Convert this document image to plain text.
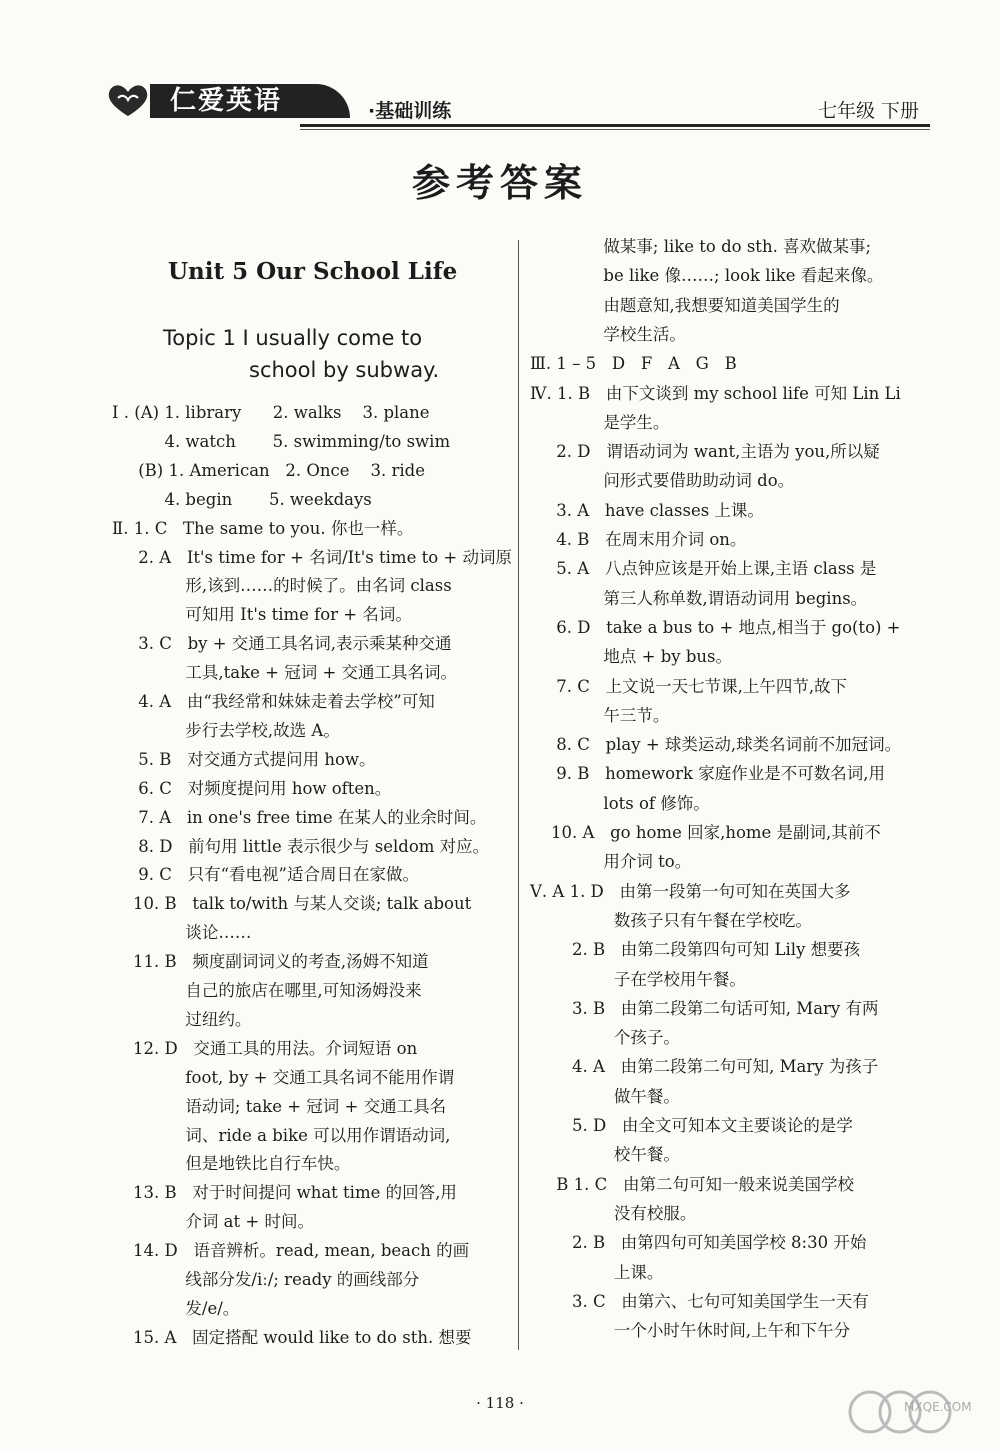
仁爱英语	·基础训练	七年级 下册
参考答案
Unit 5 Our School Life
Topic 1 I usually come to
school by subway.
I . (A) 1. library      2. walks    3. plane
4. watch       5. swimming/to swim
(B) 1. American   2. Once    3. ride
4. begin       5. weekdays
Ⅱ. 1. C   The same to you. 你也一样。
2. A   It's time for + 名词/It's time to + 动词原
形,该到……的时候了。由名词 class
可知用 It's time for + 名词。
3. C   by + 交通工具名词,表示乘某种交通
工具,take + 冠词 + 交通工具名词。
4. A   由“我经常和妹妹走着去学校”可知
步行去学校,故选 A。
5. B   对交通方式提问用 how。
6. C   对频度提问用 how often。
7. A   in one's free time 在某人的业余时间。
8. D   前句用 little 表示很少与 seldom 对应。
9. C   只有“看电视”适合周日在家做。
10. B   talk to/with 与某人交谈; talk about
谈论……
11. B   频度副词词义的考查,汤姆不知道
自己的旅店在哪里,可知汤姆没来
过纽约。
12. D   交通工具的用法。介词短语 on
foot, by + 交通工具名词不能用作谓
语动词; take + 冠词 + 交通工具名
词、ride a bike 可以用作谓语动词,
但是地铁比自行车快。
13. B   对于时间提问 what time 的回答,用
介词 at + 时间。
14. D   语音辨析。read, mean, beach 的画
线部分发/iː/; ready 的画线部分
发/e/。
15. A   固定搭配 would like to do sth. 想要
做某事; like to do sth. 喜欢做某事;
be like 像……; look like 看起来像。
由题意知,我想要知道美国学生的
学校生活。
Ⅲ. 1 – 5   D   F   A   G   B
Ⅳ. 1. B   由下文谈到 my school life 可知 Lin Li
是学生。
2. D   谓语动词为 want,主语为 you,所以疑
问形式要借助助动词 do。
3. A   have classes 上课。
4. B   在周末用介词 on。
5. A   八点钟应该是开始上课,主语 class 是
第三人称单数,谓语动词用 begins。
6. D   take a bus to + 地点,相当于 go(to) +
地点 + by bus。
7. C   上文说一天七节课,上午四节,故下
午三节。
8. C   play + 球类运动,球类名词前不加冠词。
9. B   homework 家庭作业是不可数名词,用
lots of 修饰。
10. A   go home 回家,home 是副词,其前不
用介词 to。
Ⅴ. A 1. D   由第一段第一句可知在英国大多
数孩子只有午餐在学校吃。
2. B   由第二段第四句可知 Lily 想要孩
子在学校用午餐。
3. B   由第二段第二句话可知, Mary 有两
个孩子。
4. A   由第二段第二句可知, Mary 为孩子
做午餐。
5. D   由全文可知本文主要谈论的是学
校午餐。
B 1. C   由第二句可知一般来说美国学校
没有校服。
2. B   由第四句可知美国学校 8:30 开始
上课。
3. C   由第六、七句可知美国学生一天有
一个小时午休时间,上午和下午分
· 118 ·	MXQE.COM
